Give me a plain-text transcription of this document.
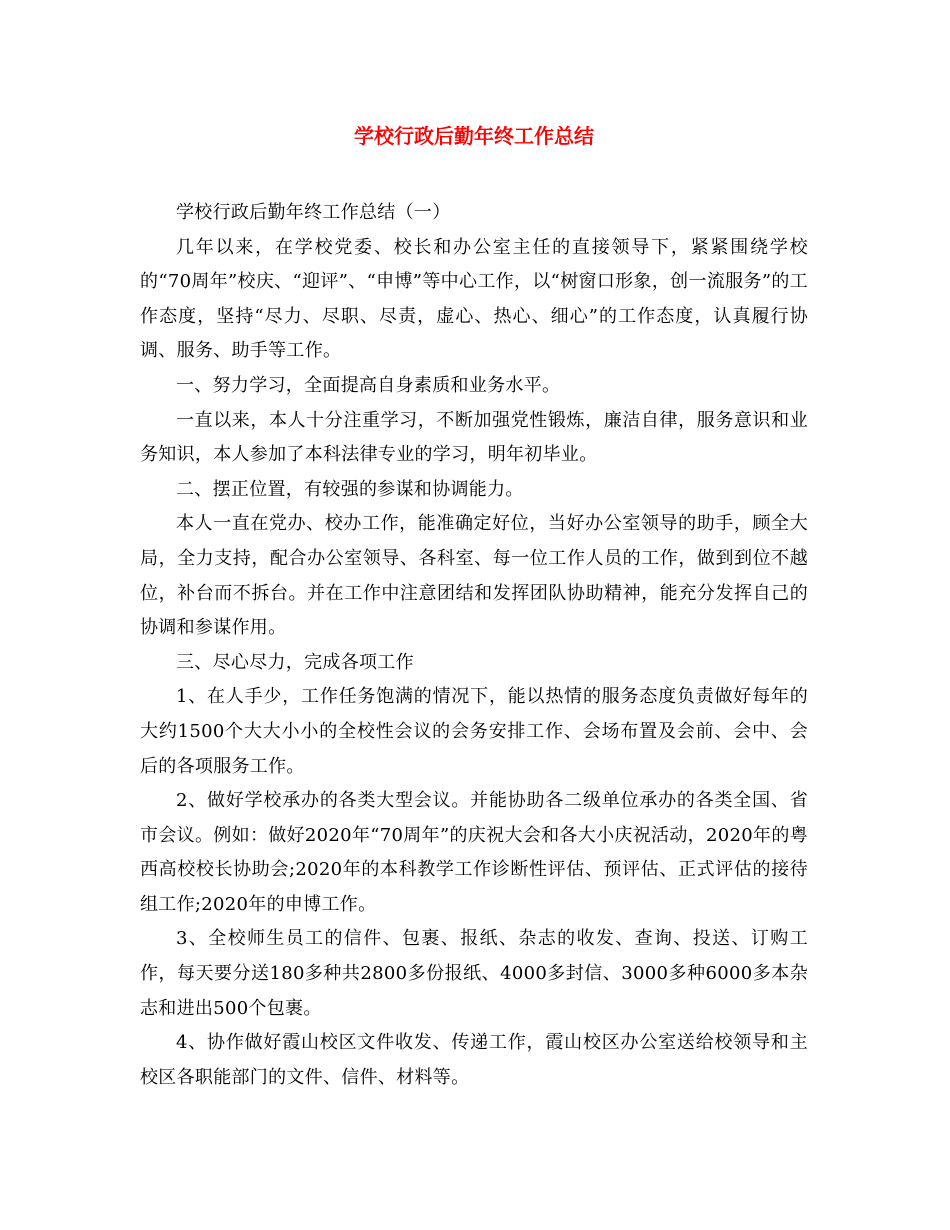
学校行政后勤年终工作总结

学校行政后勤年终工作总结（一）

几年以来，在学校党委、校长和办公室主任的直接领导下，紧紧围绕学校的“70周年”校庆、“迎评”、“申博”等中心工作，以“树窗口形象，创一流服务”的工作态度，坚持“尽力、尽职、尽责，虚心、热心、细心”的工作态度，认真履行协调、服务、助手等工作。

一、努力学习，全面提高自身素质和业务水平。

一直以来，本人十分注重学习，不断加强党性锻炼，廉洁自律，服务意识和业务知识，本人参加了本科法律专业的学习，明年初毕业。

二、摆正位置，有较强的参谋和协调能力。

本人一直在党办、校办工作，能准确定好位，当好办公室领导的助手，顾全大局，全力支持，配合办公室领导、各科室、每一位工作人员的工作，做到到位不越位，补台而不拆台。并在工作中注意团结和发挥团队协助精神，能充分发挥自己的协调和参谋作用。

三、尽心尽力，完成各项工作

1、在人手少，工作任务饱满的情况下，能以热情的服务态度负责做好每年的大约1500个大大小小的全校性会议的会务安排工作、会场布置及会前、会中、会后的各项服务工作。

2、做好学校承办的各类大型会议。并能协助各二级单位承办的各类全国、省市会议。例如：做好2020年“70周年”的庆祝大会和各大小庆祝活动，2020年的粤西高校校长协助会;2020年的本科教学工作诊断性评估、预评估、正式评估的接待组工作;2020年的申博工作。

3、全校师生员工的信件、包裹、报纸、杂志的收发、查询、投送、订购工作，每天要分送180多种共2800多份报纸、4000多封信、3000多种6000多本杂志和进出500个包裹。

4、协作做好霞山校区文件收发、传递工作，霞山校区办公室送给校领导和主校区各职能部门的文件、信件、材料等。
